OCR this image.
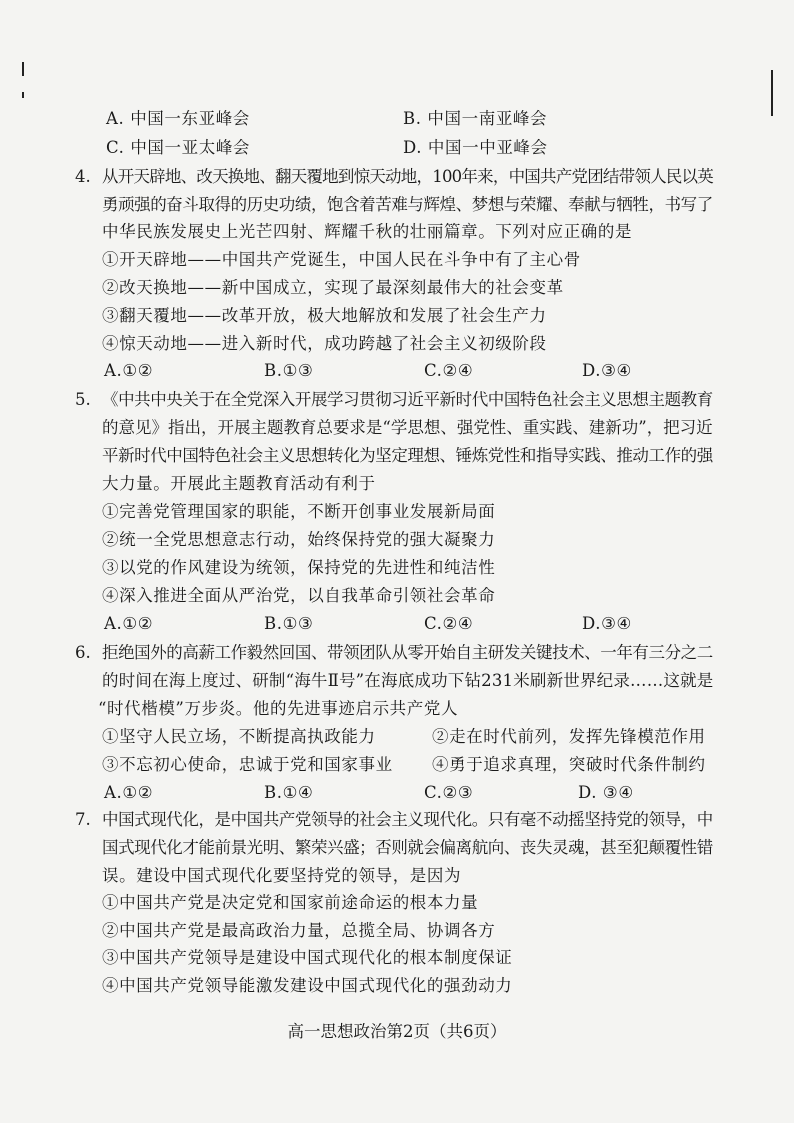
A. 中国一东亚峰会	B. 中国一南亚峰会
C. 中国一亚太峰会	D. 中国一中亚峰会
4. 从开天辟地、改天换地、翻天覆地到惊天动地，100年来，中国共产党团结带领人民以英
勇顽强的奋斗取得的历史功绩，饱含着苦难与辉煌、梦想与荣耀、奉献与牺牲，书写了
中华民族发展史上光芒四射、辉耀千秋的壮丽篇章。下列对应正确的是
①开天辟地——中国共产党诞生，中国人民在斗争中有了主心骨
②改天换地——新中国成立，实现了最深刻最伟大的社会变革
③翻天覆地——改革开放，极大地解放和发展了社会生产力
④惊天动地——进入新时代，成功跨越了社会主义初级阶段
A.①②	B.①③	C.②④	D.③④
5. 《中共中央关于在全党深入开展学习贯彻习近平新时代中国特色社会主义思想主题教育
的意见》指出，开展主题教育总要求是“学思想、强党性、重实践、建新功”，把习近
平新时代中国特色社会主义思想转化为坚定理想、锤炼党性和指导实践、推动工作的强
大力量。开展此主题教育活动有利于
①完善党管理国家的职能，不断开创事业发展新局面
②统一全党思想意志行动，始终保持党的强大凝聚力
③以党的作风建设为统领，保持党的先进性和纯洁性
④深入推进全面从严治党，以自我革命引领社会革命
A.①②	B.①③	C.②④	D.③④
6. 拒绝国外的高薪工作毅然回国、带领团队从零开始自主研发关键技术、一年有三分之二
的时间在海上度过、研制“海牛Ⅱ号”在海底成功下钻231米刷新世界纪录……这就是
“时代楷模”万步炎。他的先进事迹启示共产党人
①坚守人民立场，不断提高执政能力	②走在时代前列，发挥先锋模范作用
③不忘初心使命，忠诚于党和国家事业 ④勇于追求真理，突破时代条件制约
A.①②	B.①④	C.②③	D. ③④
7. 中国式现代化，是中国共产党领导的社会主义现代化。只有毫不动摇坚持党的领导，中
国式现代化才能前景光明、繁荣兴盛；否则就会偏离航向、丧失灵魂，甚至犯颠覆性错
误。建设中国式现代化要坚持党的领导，是因为
①中国共产党是决定党和国家前途命运的根本力量
②中国共产党是最高政治力量，总揽全局、协调各方
③中国共产党领导是建设中国式现代化的根本制度保证
④中国共产党领导能激发建设中国式现代化的强劲动力
高一思想政治第2页（共6页）
